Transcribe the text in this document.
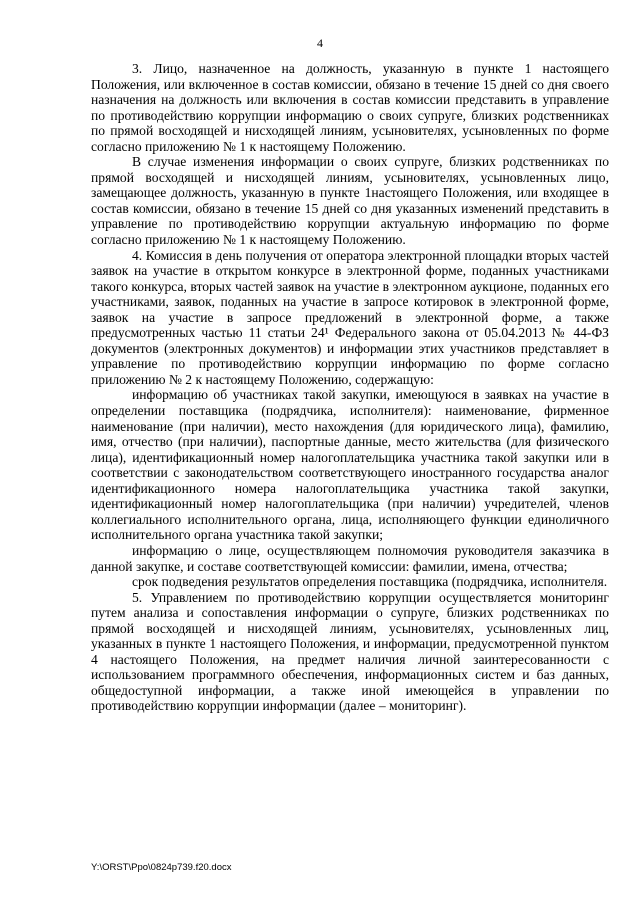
4

3. Лицо, назначенное на должность, указанную в пункте 1 настоящего Положения, или включенное в состав комиссии, обязано в течение 15 дней со дня своего назначения на должность или включения в состав комиссии представить в управление по противодействию коррупции информацию о своих супруге, близких родственниках по прямой восходящей и нисходящей линиям, усыновителях, усыновленных по форме согласно приложению № 1 к настоящему Положению.

В случае изменения информации о своих супруге, близких родственниках по прямой восходящей и нисходящей линиям, усыновителях, усыновленных лицо, замещающее должность, указанную в пункте 1настоящего Положения, или входящее в состав комиссии, обязано в течение 15 дней со дня указанных изменений представить в управление по противодействию коррупции актуальную информацию по форме согласно приложению № 1 к настоящему Положению.

4. Комиссия в день получения от оператора электронной площадки вторых частей заявок на участие в открытом конкурсе в электронной форме, поданных участниками такого конкурса, вторых частей заявок на участие в электронном аукционе, поданных его участниками, заявок, поданных на участие в запросе котировок в электронной форме, заявок на участие в запросе предложений в электронной форме, а также предусмотренных частью 11 статьи 24¹ Федерального закона от 05.04.2013 № 44-ФЗ документов (электронных документов) и информации этих участников представляет в управление по противодействию коррупции информацию по форме согласно приложению № 2 к настоящему Положению, содержащую:

информацию об участниках такой закупки, имеющуюся в заявках на участие в определении поставщика (подрядчика, исполнителя): наименование, фирменное наименование (при наличии), место нахождения (для юридического лица), фамилию, имя, отчество (при наличии), паспортные данные, место жительства (для физического лица), идентификационный номер налогоплательщика участника такой закупки или в соответствии с законодательством соответствующего иностранного государства аналог идентификационного номера налогоплательщика участника такой закупки, идентификационный номер налогоплательщика (при наличии) учредителей, членов коллегиального исполнительного органа, лица, исполняющего функции единоличного исполнительного органа участника такой закупки;

информацию о лице, осуществляющем полномочия руководителя заказчика в данной закупке, и составе соответствующей комиссии: фамилии, имена, отчества;

срок подведения результатов определения поставщика (подрядчика, исполнителя.

5. Управлением по противодействию коррупции осуществляется мониторинг путем анализа и сопоставления информации о супруге, близких родственниках по прямой восходящей и нисходящей линиям, усыновителях, усыновленных лиц, указанных в пункте 1 настоящего Положения, и информации, предусмотренной пунктом 4 настоящего Положения, на предмет наличия личной заинтересованности с использованием программного обеспечения, информационных систем и баз данных, общедоступной информации, а также иной имеющейся в управлении по противодействию коррупции информации (далее – мониторинг).

Y:\ORST\Ppo\0824p739.f20.docx
